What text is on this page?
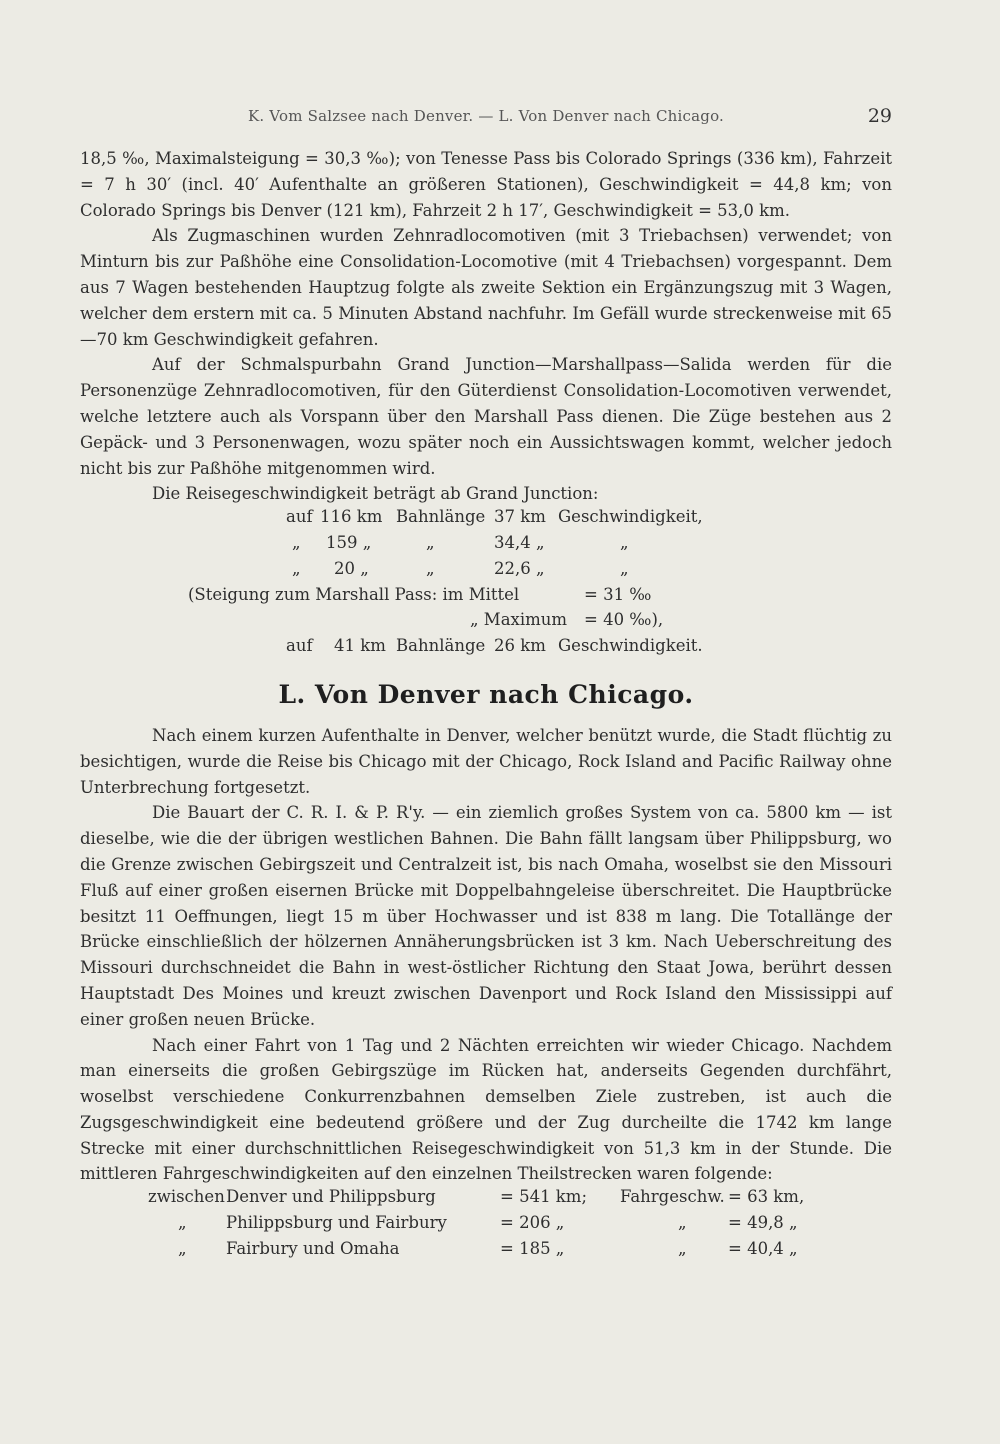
K. Vom Salzsee nach Denver. — L. Von Denver nach Chicago.	29

18,5 ‰, Maximalsteigung = 30,3 ‰); von Tenesse Pass bis Colorado Springs (336 km), Fahrzeit = 7 h 30′ (incl. 40′ Aufenthalte an größeren Stationen), Geschwindigkeit = 44,8 km; von Colorado Springs bis Denver (121 km), Fahrzeit 2 h 17′, Geschwindigkeit = 53,0 km.

Als Zugmaschinen wurden Zehnradlocomotiven (mit 3 Triebachsen) verwendet; von Minturn bis zur Paßhöhe eine Consolidation-Locomotive (mit 4 Triebachsen) vorgespannt. Dem aus 7 Wagen bestehenden Hauptzug folgte als zweite Sektion ein Ergänzungszug mit 3 Wagen, welcher dem erstern mit ca. 5 Minuten Abstand nachfuhr. Im Gefäll wurde streckenweise mit 65—70 km Geschwindigkeit gefahren.

Auf der Schmalspurbahn Grand Junction—Marshallpass—Salida werden für die Personenzüge Zehnradlocomotiven, für den Güterdienst Consolidation-Locomotiven verwendet, welche letztere auch als Vorspann über den Marshall Pass dienen. Die Züge bestehen aus 2 Gepäck- und 3 Personenwagen, wozu später noch ein Aussichtswagen kommt, welcher jedoch nicht bis zur Paßhöhe mitgenommen wird.

Die Reisegeschwindigkeit beträgt ab Grand Junction:

auf 116 km Bahnlänge 37 km Geschwindigkeit,
„ 159 „	„	34,4 „	„
„ 20 „	„	22,6 „	„
(Steigung zum Marshall Pass: im Mittel	= 31 ‰
„ Maximum = 40 ‰),
auf 41 km Bahnlänge 26 km Geschwindigkeit.
L. Von Denver nach Chicago.

Nach einem kurzen Aufenthalte in Denver, welcher benützt wurde, die Stadt flüchtig zu besichtigen, wurde die Reise bis Chicago mit der Chicago, Rock Island and Pacific Railway ohne Unterbrechung fortgesetzt.

Die Bauart der C. R. I. & P. R'y. — ein ziemlich großes System von ca. 5800 km — ist dieselbe, wie die der übrigen westlichen Bahnen. Die Bahn fällt langsam über Philippsburg, wo die Grenze zwischen Gebirgszeit und Centralzeit ist, bis nach Omaha, woselbst sie den Missouri Fluß auf einer großen eisernen Brücke mit Doppelbahngeleise überschreitet. Die Hauptbrücke besitzt 11 Oeffnungen, liegt 15 m über Hochwasser und ist 838 m lang. Die Totallänge der Brücke einschließlich der hölzernen Annäherungsbrücken ist 3 km. Nach Ueberschreitung des Missouri durchschneidet die Bahn in west-östlicher Richtung den Staat Jowa, berührt dessen Hauptstadt Des Moines und kreuzt zwischen Davenport und Rock Island den Mississippi auf einer großen neuen Brücke.

Nach einer Fahrt von 1 Tag und 2 Nächten erreichten wir wieder Chicago. Nachdem man einerseits die großen Gebirgszüge im Rücken hat, anderseits Gegenden durchfährt, woselbst verschiedene Conkurrenzbahnen demselben Ziele zustreben, ist auch die Zugsgeschwindigkeit eine bedeutend größere und der Zug durcheilte die 1742 km lange Strecke mit einer durchschnittlichen Reisegeschwindigkeit von 51,3 km in der Stunde. Die mittleren Fahrgeschwindigkeiten auf den einzelnen Theilstrecken waren folgende:

zwischen Denver und Philippsburg	= 541 km; Fahrgeschw. = 63 km,
„ Philippsburg und Fairbury	= 206 „	„	= 49,8 „
„ Fairbury und Omaha	= 185 „	„	= 40,4 „
